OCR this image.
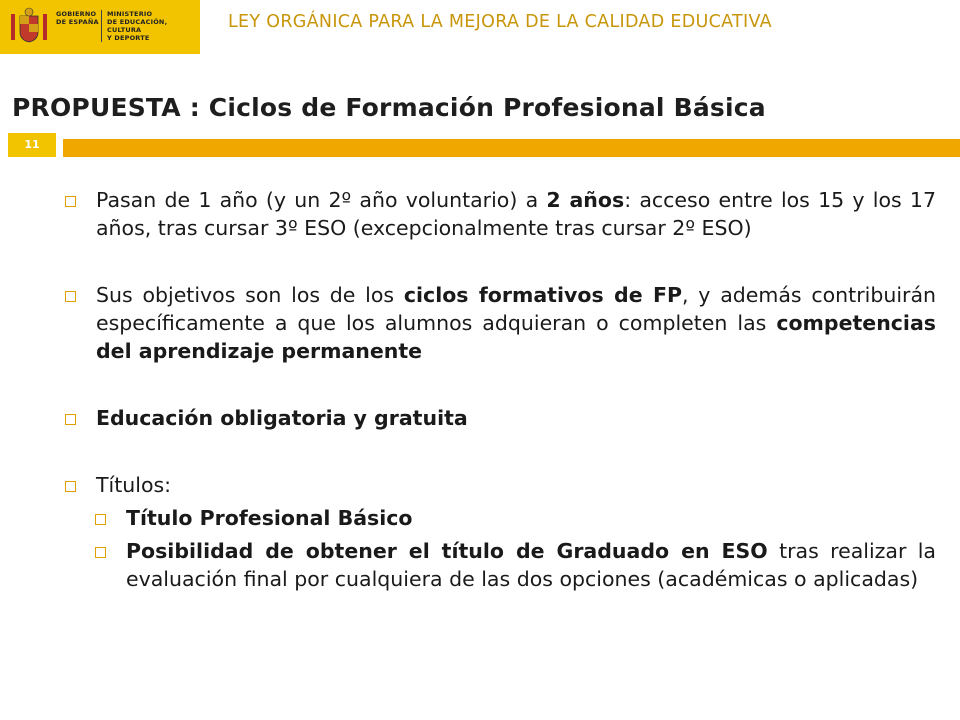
GOBIERNO
DE ESPAÑA
MINISTERIO
DE EDUCACIÓN, CULTURA
Y DEPORTE
LEY ORGÁNICA PARA LA MEJORA DE LA CALIDAD EDUCATIVA
PROPUESTA : Ciclos de Formación Profesional Básica
11
Pasan de 1 año (y un 2º año voluntario) a 2 años: acceso entre los 15 y los 17 años, tras cursar 3º ESO (excepcionalmente tras cursar 2º ESO)
Sus objetivos son los de los ciclos formativos de FP, y además contribuirán específicamente a que los alumnos adquieran o completen las competencias del aprendizaje permanente
Educación obligatoria y gratuita
Títulos:
Título Profesional Básico
Posibilidad de obtener el título de Graduado en ESO tras realizar la evaluación final por cualquiera de las dos opciones (académicas o aplicadas)
